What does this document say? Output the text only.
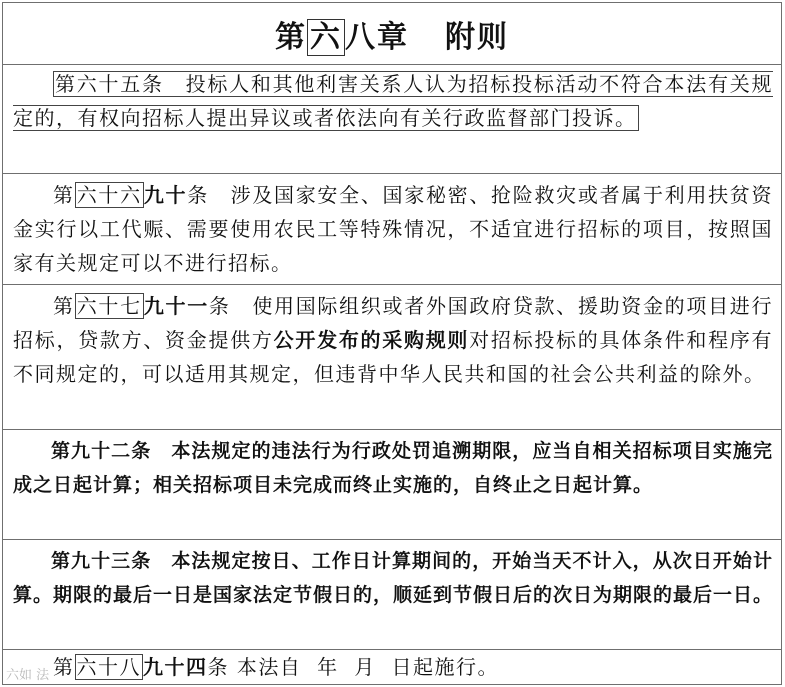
第 六 八章 附则

第六十五条　投标人和其他利害关系人认为招标投标活动不符合本法有关规定的，有权向招标人提出异议或者依法向有关行政监督部门投诉。

第 六十六 九十条　涉及国家安全、国家秘密、抢险救灾或者属于利用扶贫资金实行以工代赈、需要使用农民工等特殊情况，不适宜进行招标的项目，按照国家有关规定可以不进行招标。

第 六十七 九十一条　使用国际组织或者外国政府贷款、援助资金的项目进行招标，贷款方、资金提供方公开发布的采购规则对招标投标的具体条件和程序有不同规定的，可以适用其规定，但违背中华人民共和国的社会公共利益的除外。

第九十二条　本法规定的违法行为行政处罚追溯期限，应当自相关招标项目实施完成之日起计算；相关招标项目未完成而终止实施的，自终止之日起计算。

第九十三条　本法规定按日、工作日计算期间的，开始当天不计入，从次日开始计算。期限的最后一日是国家法定节假日的，顺延到节假日后的次日为期限的最后一日。

第 六十八 九十四条 本法自  年  月  日起施行。

六如 法
